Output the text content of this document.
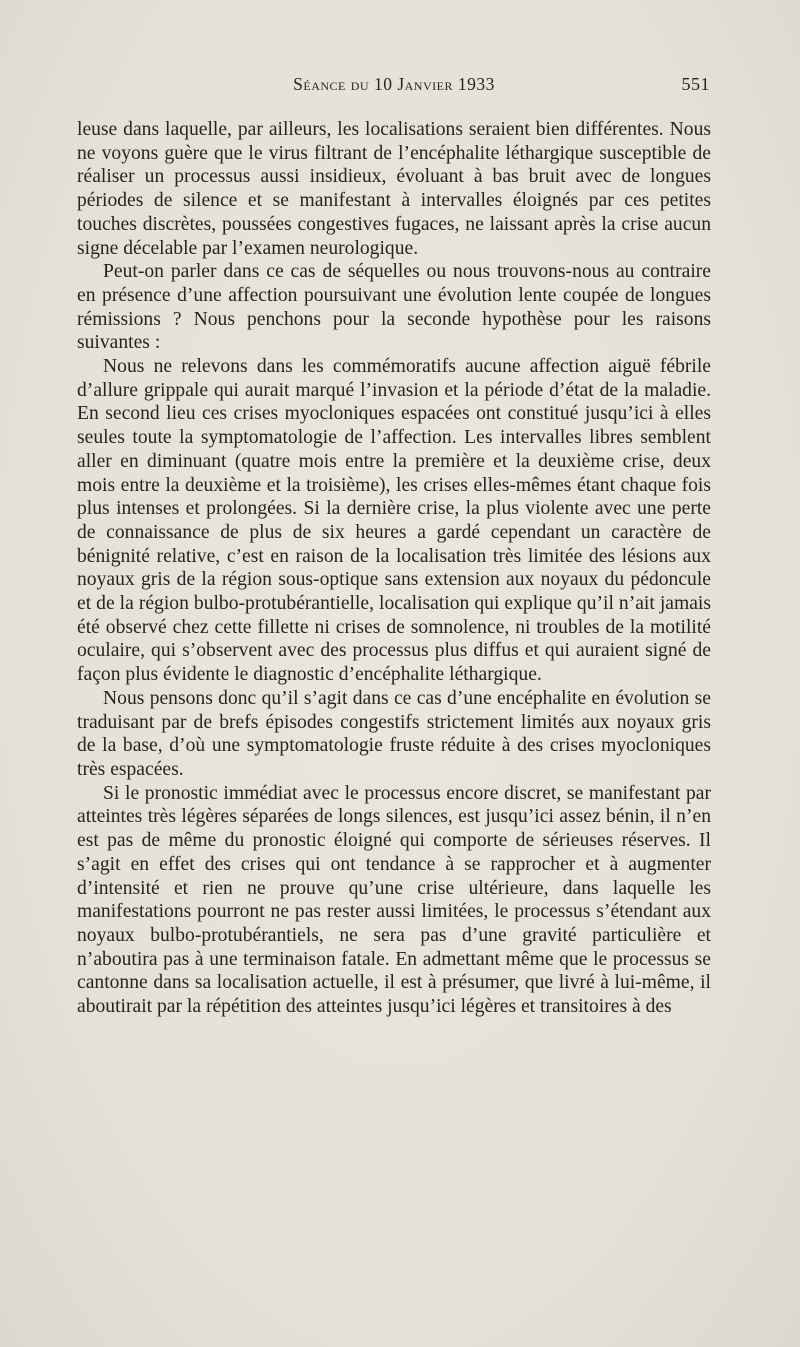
Séance du 10 Janvier 1933	551

leuse dans laquelle, par ailleurs, les localisations seraient bien différentes. Nous ne voyons guère que le virus filtrant de l’encéphalite léthargique susceptible de réaliser un processus aussi insidieux, évoluant à bas bruit avec de longues périodes de silence et se manifestant à intervalles éloignés par ces petites touches discrètes, poussées congestives fugaces, ne laissant après la crise aucun signe décelable par l’examen neurologique.

Peut-on parler dans ce cas de séquelles ou nous trouvons-nous au contraire en présence d’une affection poursuivant une évolution lente coupée de longues rémissions ? Nous penchons pour la seconde hypothèse pour les raisons suivantes :

Nous ne relevons dans les commémoratifs aucune affection aiguë fébrile d’allure grippale qui aurait marqué l’invasion et la période d’état de la maladie. En second lieu ces crises myocloniques espacées ont constitué jusqu’ici à elles seules toute la symptomatologie de l’affection. Les intervalles libres semblent aller en diminuant (quatre mois entre la première et la deuxième crise, deux mois entre la deuxième et la troisième), les crises elles-mêmes étant chaque fois plus intenses et prolongées. Si la dernière crise, la plus violente avec une perte de connaissance de plus de six heures a gardé cependant un caractère de bénignité relative, c’est en raison de la localisation très limitée des lésions aux noyaux gris de la région sous-optique sans extension aux noyaux du pédoncule et de la région bulbo-protubérantielle, localisation qui explique qu’il n’ait jamais été observé chez cette fillette ni crises de somnolence, ni troubles de la motilité oculaire, qui s’observent avec des processus plus diffus et qui auraient signé de façon plus évidente le diagnostic d’encéphalite léthargique.

Nous pensons donc qu’il s’agit dans ce cas d’une encéphalite en évolution se traduisant par de brefs épisodes congestifs strictement limités aux noyaux gris de la base, d’où une symptomatologie fruste réduite à des crises myocloniques très espacées.

Si le pronostic immédiat avec le processus encore discret, se manifestant par atteintes très légères séparées de longs silences, est jusqu’ici assez bénin, il n’en est pas de même du pronostic éloigné qui comporte de sérieuses réserves. Il s’agit en effet des crises qui ont tendance à se rapprocher et à augmenter d’intensité et rien ne prouve qu’une crise ultérieure, dans laquelle les manifestations pourront ne pas rester aussi limitées, le processus s’étendant aux noyaux bulbo-protubérantiels, ne sera pas d’une gravité particulière et n’aboutira pas à une terminaison fatale. En admettant même que le processus se cantonne dans sa localisation actuelle, il est à présumer, que livré à lui-même, il aboutirait par la répétition des atteintes jusqu’ici légères et transitoires à des
